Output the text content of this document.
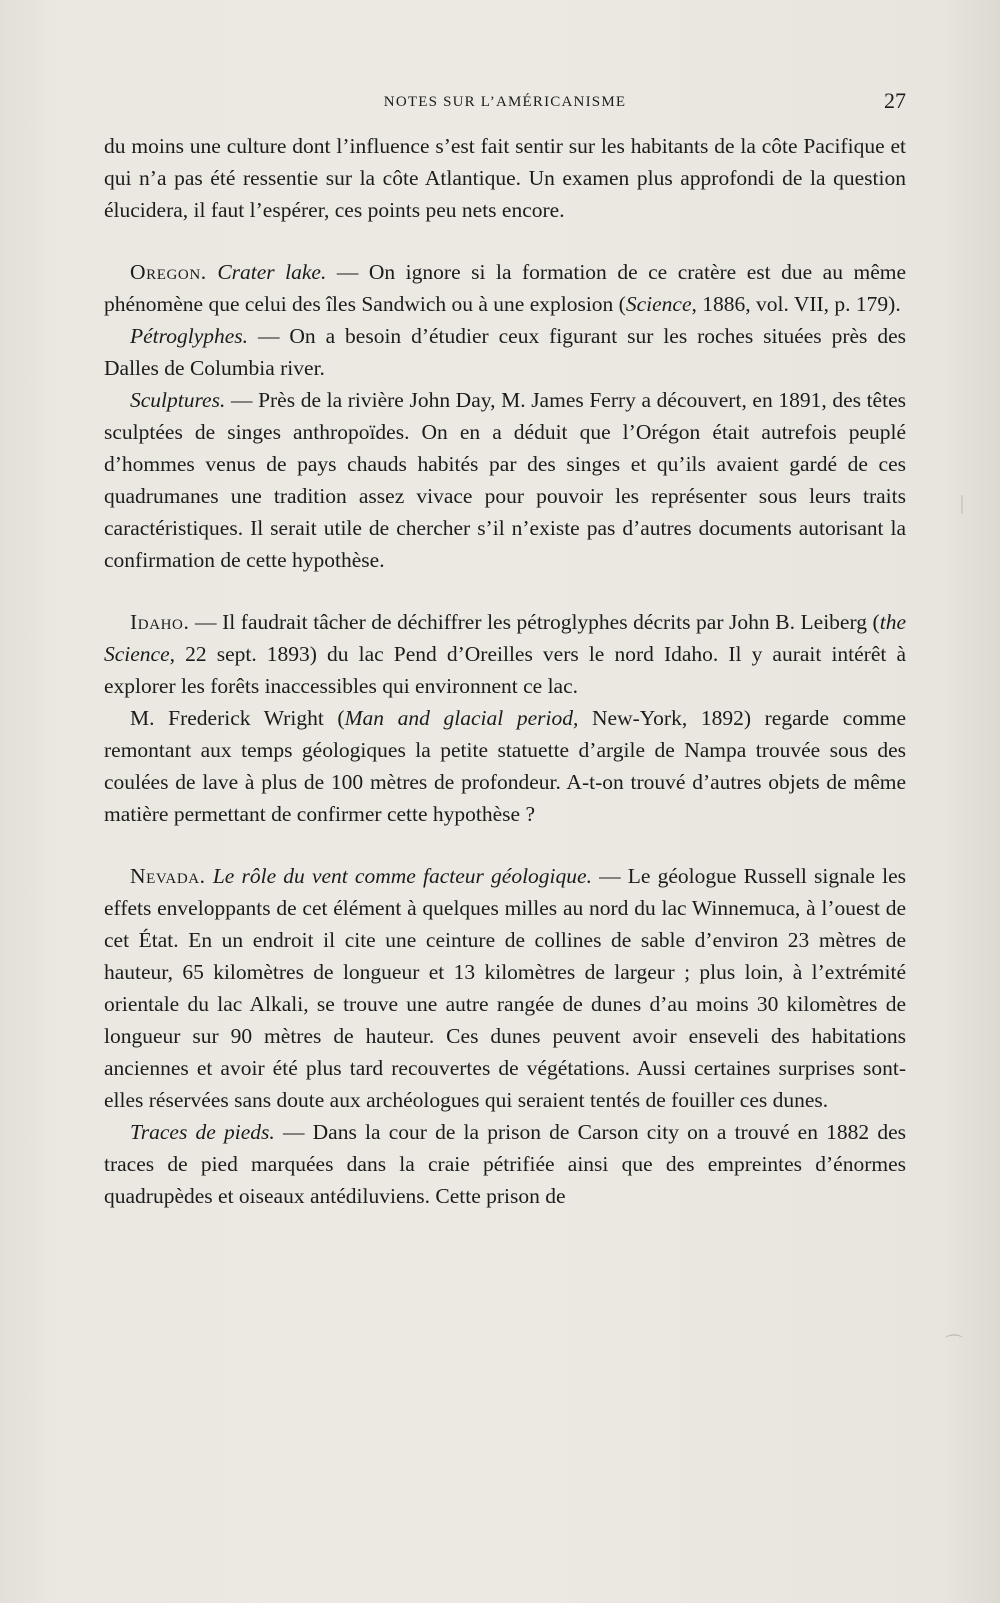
NOTES SUR L’AMÉRICANISME	27

du moins une culture dont l’influence s’est fait sentir sur les habitants de la côte Pacifique et qui n’a pas été ressentie sur la côte Atlantique. Un examen plus approfondi de la question élucidera, il faut l’espérer, ces points peu nets encore.

Oregon. Crater lake. — On ignore si la formation de ce cratère est due au même phénomène que celui des îles Sandwich ou à une explosion (Science, 1886, vol. VII, p. 179).

Pétroglyphes. — On a besoin d’étudier ceux figurant sur les roches situées près des Dalles de Columbia river.

Sculptures. — Près de la rivière John Day, M. James Ferry a découvert, en 1891, des têtes sculptées de singes anthropoïdes. On en a déduit que l’Orégon était autrefois peuplé d’hommes venus de pays chauds habités par des singes et qu’ils avaient gardé de ces quadrumanes une tradition assez vivace pour pouvoir les représenter sous leurs traits caractéristiques. Il serait utile de chercher s’il n’existe pas d’autres documents autorisant la confirmation de cette hypothèse.

Idaho. — Il faudrait tâcher de déchiffrer les pétroglyphes décrits par John B. Leiberg (the Science, 22 sept. 1893) du lac Pend d’Oreilles vers le nord Idaho. Il y aurait intérêt à explorer les forêts inaccessibles qui environnent ce lac.

M. Frederick Wright (Man and glacial period, New-York, 1892) regarde comme remontant aux temps géologiques la petite statuette d’argile de Nampa trouvée sous des coulées de lave à plus de 100 mètres de profondeur. A-t-on trouvé d’autres objets de même matière permettant de confirmer cette hypothèse ?

Nevada. Le rôle du vent comme facteur géologique. — Le géologue Russell signale les effets enveloppants de cet élément à quelques milles au nord du lac Winnemuca, à l’ouest de cet État. En un endroit il cite une ceinture de collines de sable d’environ 23 mètres de hauteur, 65 kilomètres de longueur et 13 kilomètres de largeur ; plus loin, à l’extrémité orientale du lac Alkali, se trouve une autre rangée de dunes d’au moins 30 kilomètres de longueur sur 90 mètres de hauteur. Ces dunes peuvent avoir enseveli des habitations anciennes et avoir été plus tard recouvertes de végétations. Aussi certaines surprises sont-elles réservées sans doute aux archéologues qui seraient tentés de fouiller ces dunes.

Traces de pieds. — Dans la cour de la prison de Carson city on a trouvé en 1882 des traces de pied marquées dans la craie pétrifiée ainsi que des empreintes d’énormes quadrupèdes et oiseaux antédiluviens. Cette prison de

|
⌒
